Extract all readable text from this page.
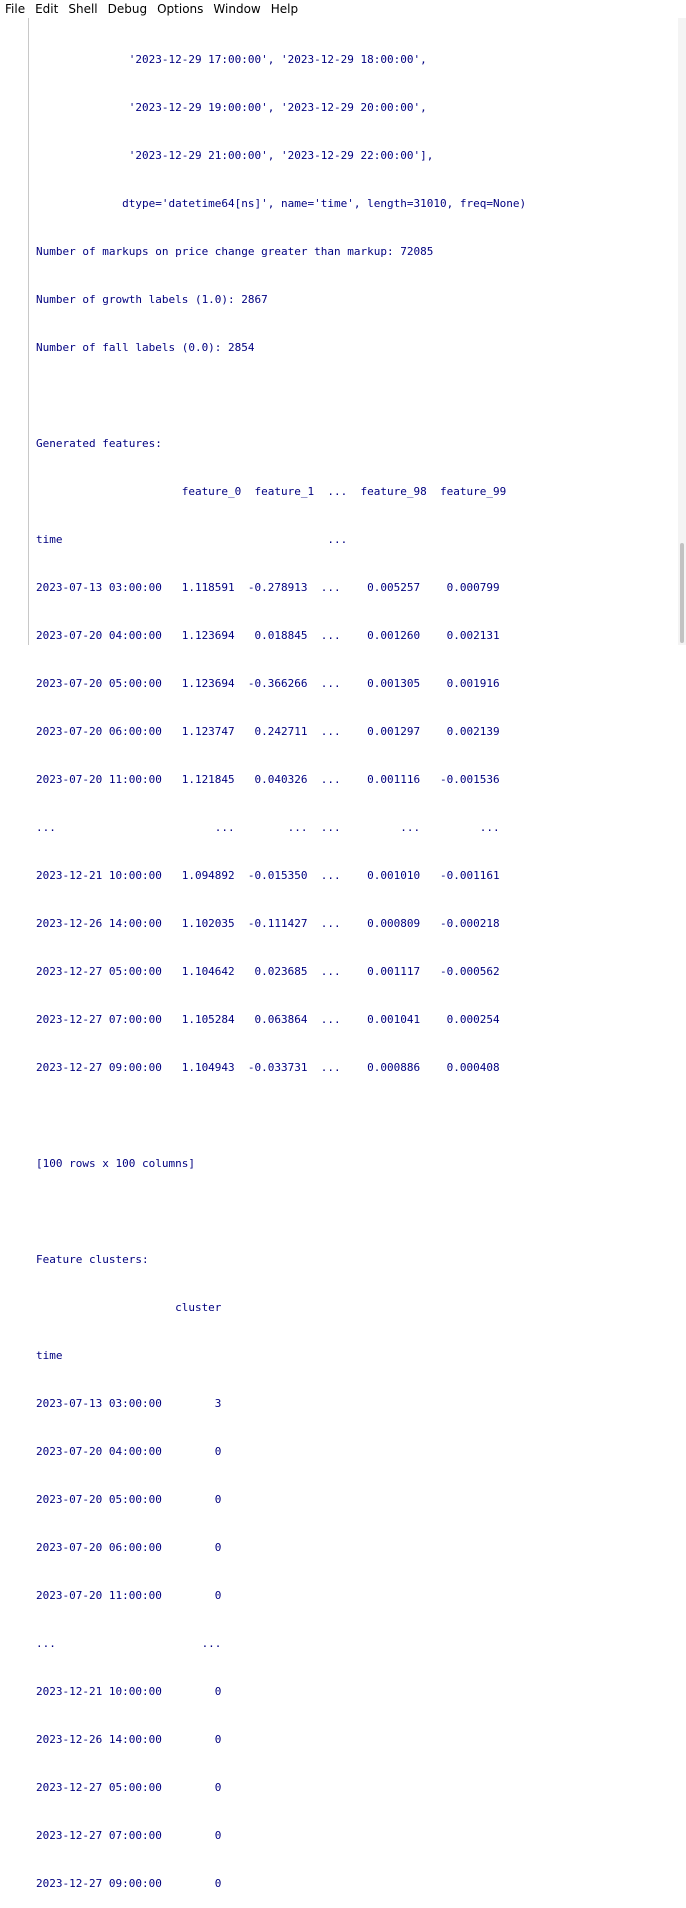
File Edit Shell Debug Options Window Help

'2023-12-29 17:00:00', '2023-12-29 18:00:00',

'2023-12-29 19:00:00', '2023-12-29 20:00:00',

'2023-12-29 21:00:00', '2023-12-29 22:00:00'],

dtype='datetime64[ns]', name='time', length=31010, freq=None)

Number of markups on price change greater than markup: 72085

Number of growth labels (1.0): 2867

Number of fall labels (0.0): 2854

Generated features:

feature_0  feature_1  ...  feature_98  feature_99

time                                        ...

2023-07-13 03:00:00   1.118591  -0.278913  ...    0.005257    0.000799

2023-07-20 04:00:00   1.123694   0.018845  ...    0.001260    0.002131

2023-07-20 05:00:00   1.123694  -0.366266  ...    0.001305    0.001916

2023-07-20 06:00:00   1.123747   0.242711  ...    0.001297    0.002139

2023-07-20 11:00:00   1.121845   0.040326  ...    0.001116   -0.001536

...                        ...        ...  ...         ...         ...

2023-12-21 10:00:00   1.094892  -0.015350  ...    0.001010   -0.001161

2023-12-26 14:00:00   1.102035  -0.111427  ...    0.000809   -0.000218

2023-12-27 05:00:00   1.104642   0.023685  ...    0.001117   -0.000562

2023-12-27 07:00:00   1.105284   0.063864  ...    0.001041    0.000254

2023-12-27 09:00:00   1.104943  -0.033731  ...    0.000886    0.000408

[100 rows x 100 columns]

Feature clusters:

cluster

time

2023-07-13 03:00:00        3

2023-07-20 04:00:00        0

2023-07-20 05:00:00        0

2023-07-20 06:00:00        0

2023-07-20 11:00:00        0

...                      ...

2023-12-21 10:00:00        0

2023-12-26 14:00:00        0

2023-12-27 05:00:00        0

2023-12-27 07:00:00        0

2023-12-27 09:00:00        0
